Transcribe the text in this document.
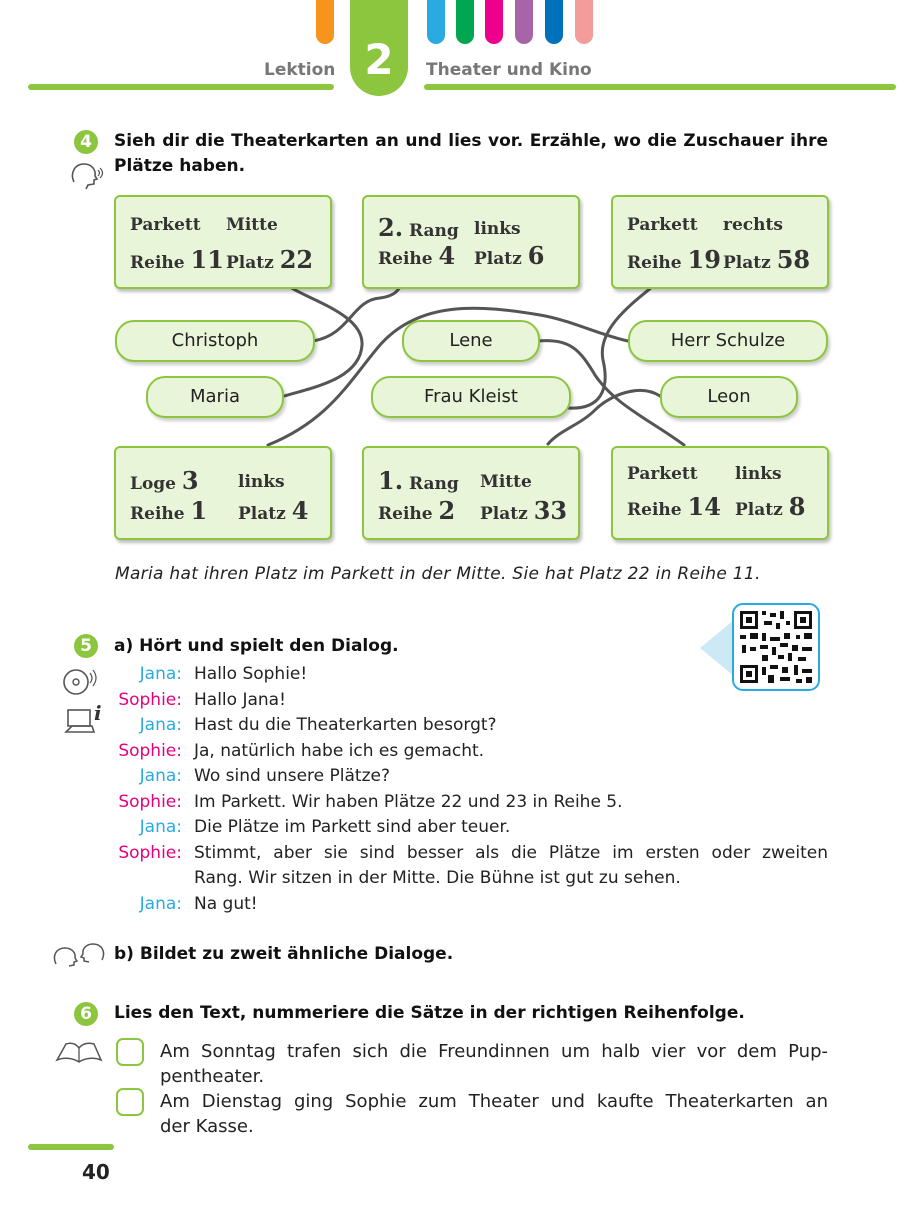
2
Lektion	Theater und Kino
4	Sieh dir die Theaterkarten an und lies vor. Erzähle, wo die Zuschauer ihre Plätze haben.
Parkett Mitte
Reihe 11 Platz 22
2. Rang links
Reihe 4 Platz 6
Parkett rechts
Reihe 19 Platz 58
Loge 3 links
Reihe 1 Platz 4
1. Rang Mitte
Reihe 2 Platz 33
Parkett links
Reihe 14 Platz 8
Christoph	Lene	Herr Schulze
Maria	Frau Kleist	Leon
Maria hat ihren Platz im Parkett in der Mitte. Sie hat Platz 22 in Reihe 11.
5	a) Hört und spielt den Dialog.
i
Jana: Hallo Sophie!
Sophie: Hallo Jana!
Jana: Hast du die Theaterkarten besorgt?
Sophie: Ja, natürlich habe ich es gemacht.
Jana: Wo sind unsere Plätze?
Sophie: Im Parkett. Wir haben Plätze 22 und 23 in Reihe 5.
Jana: Die Plätze im Parkett sind aber teuer.
Sophie: Stimmt, aber sie sind besser als die Plätze im ersten oder zweiten
Rang. Wir sitzen in der Mitte. Die Bühne ist gut zu sehen.
Jana: Na gut!
b) Bildet zu zweit ähnliche Dialoge.
6	Lies den Text, nummeriere die Sätze in der richtigen Reihenfolge.
Am Sonntag trafen sich die Freundinnen um halb vier vor dem Pup-
pentheater.
Am Dienstag ging Sophie zum Theater und kaufte Theaterkarten an
der Kasse.
40
